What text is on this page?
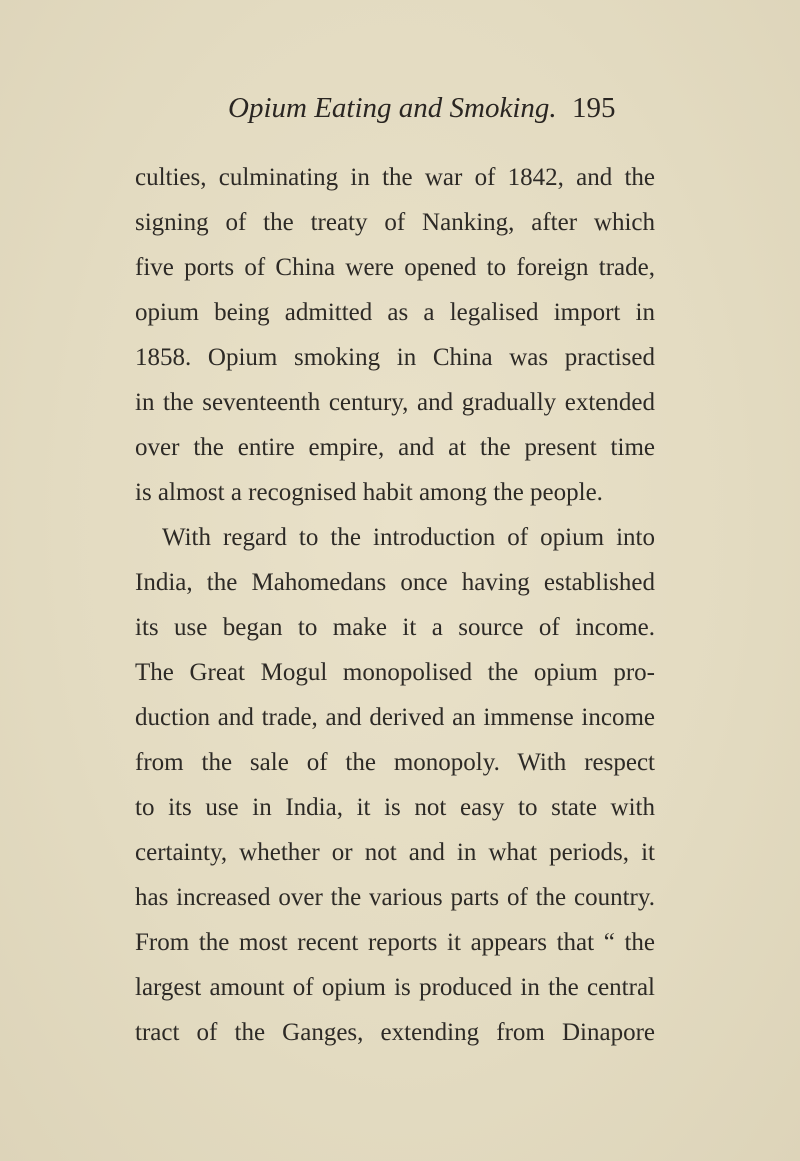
Opium Eating and Smoking. 195
culties, culminating in the war of 1842, and the
signing of the treaty of Nanking, after which
five ports of China were opened to foreign trade,
opium being admitted as a legalised import in
1858. Opium smoking in China was practised
in the seventeenth century, and gradually extended
over the entire empire, and at the present time
is almost a recognised habit among the people.
With regard to the introduction of opium into
India, the Mahomedans once having established
its use began to make it a source of income.
The Great Mogul monopolised the opium pro-
duction and trade, and derived an immense income
from the sale of the monopoly. With respect
to its use in India, it is not easy to state with
certainty, whether or not and in what periods, it
has increased over the various parts of the country.
From the most recent reports it appears that “ the
largest amount of opium is produced in the central
tract of the Ganges, extending from Dinapore
